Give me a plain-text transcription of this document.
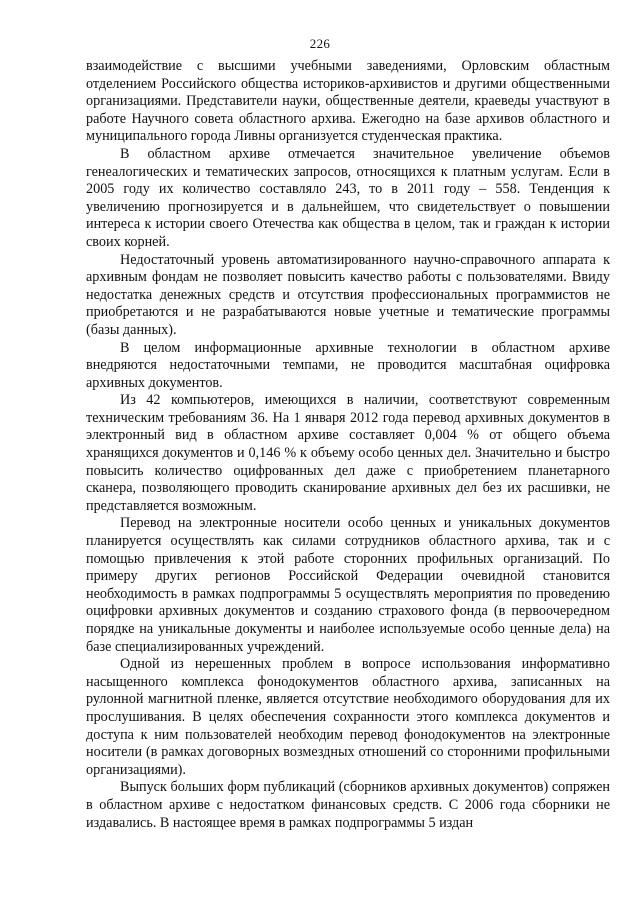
226

взаимодействие с высшими учебными заведениями, Орловским областным отделением Российского общества историков-архивистов и другими общественными организациями. Представители науки, общественные деятели, краеведы участвуют в работе Научного совета областного архива. Ежегодно на базе архивов областного и муниципального города Ливны организуется студенческая практика.

В областном архиве отмечается значительное увеличение объемов генеалогических и тематических запросов, относящихся к платным услугам. Если в 2005 году их количество составляло 243, то в 2011 году – 558. Тенденция к увеличению прогнозируется и в дальнейшем, что свидетельствует о повышении интереса к истории своего Отечества как общества в целом, так и граждан к истории своих корней.

Недостаточный уровень автоматизированного научно-справочного аппарата к архивным фондам не позволяет повысить качество работы с пользователями. Ввиду недостатка денежных средств и отсутствия профессиональных программистов не приобретаются и не разрабатываются новые учетные и тематические программы (базы данных).

В целом информационные архивные технологии в областном архиве внедряются недостаточными темпами, не проводится масштабная оцифровка архивных документов.

Из 42 компьютеров, имеющихся в наличии, соответствуют современным техническим требованиям 36. На 1 января 2012 года перевод архивных документов в электронный вид в областном архиве составляет 0,004 % от общего объема хранящихся документов и 0,146 % к объему особо ценных дел. Значительно и быстро повысить количество оцифрованных дел даже с приобретением планетарного сканера, позволяющего проводить сканирование архивных дел без их расшивки, не представляется возможным.

Перевод на электронные носители особо ценных и уникальных документов планируется осуществлять как силами сотрудников областного архива, так и с помощью привлечения к этой работе сторонних профильных организаций. По примеру других регионов Российской Федерации очевидной становится необходимость в рамках подпрограммы 5 осуществлять мероприятия по проведению оцифровки архивных документов и созданию страхового фонда (в первоочередном порядке на уникальные документы и наиболее используемые особо ценные дела) на базе специализированных учреждений.

Одной из нерешенных проблем в вопросе использования информативно насыщенного комплекса фонодокументов областного архива, записанных на рулонной магнитной пленке, является отсутствие необходимого оборудования для их прослушивания. В целях обеспечения сохранности этого комплекса документов и доступа к ним пользователей необходим перевод фонодокументов на электронные носители (в рамках договорных возмездных отношений со сторонними профильными организациями).

Выпуск больших форм публикаций (сборников архивных документов) сопряжен в областном архиве с недостатком финансовых средств. С 2006 года сборники не издавались. В настоящее время в рамках подпрограммы 5 издан
